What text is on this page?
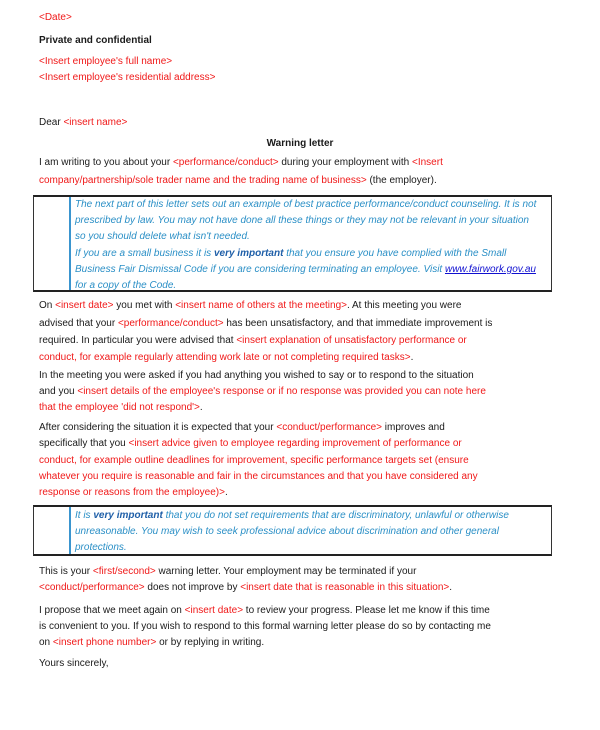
<Date>
Private and confidential
<Insert employee's full name>
<Insert employee's residential address>
Dear <insert name>
Warning letter
I am writing to you about your <performance/conduct> during your employment with <Insert
company/partnership/sole trader name and the trading name of business> (the employer).
The next part of this letter sets out an example of best practice performance/conduct counseling. It is not
prescribed by law. You may not have done all these things or they may not be relevant in your situation
so you should delete what isn't needed.
If you are a small business it is very important that you ensure you have complied with the Small
Business Fair Dismissal Code if you are considering terminating an employee. Visit www.fairwork.gov.au
for a copy of the Code.
On <insert date> you met with <insert name of others at the meeting>. At this meeting you were
advised that your <performance/conduct> has been unsatisfactory, and that immediate improvement is
required. In particular you were advised that <insert explanation of unsatisfactory performance or
conduct, for example regularly attending work late or not completing required tasks>.
In the meeting you were asked if you had anything you wished to say or to respond to the situation
and you <insert details of the employee's response or if no response was provided you can note here
that the employee 'did not respond'>.
After considering the situation it is expected that your <conduct/performance> improves and
specifically that you <insert advice given to employee regarding improvement of performance or
conduct, for example outline deadlines for improvement, specific performance targets set (ensure
whatever you require is reasonable and fair in the circumstances and that you have considered any
response or reasons from the employee)>.
It is very important that you do not set requirements that are discriminatory, unlawful or otherwise
unreasonable. You may wish to seek professional advice about discrimination and other general
protections.
This is your <first/second> warning letter. Your employment may be terminated if your
<conduct/performance> does not improve by <insert date that is reasonable in this situation>.
I propose that we meet again on <insert date> to review your progress. Please let me know if this time
is convenient to you. If you wish to respond to this formal warning letter please do so by contacting me
on <insert phone number> or by replying in writing.
Yours sincerely,
